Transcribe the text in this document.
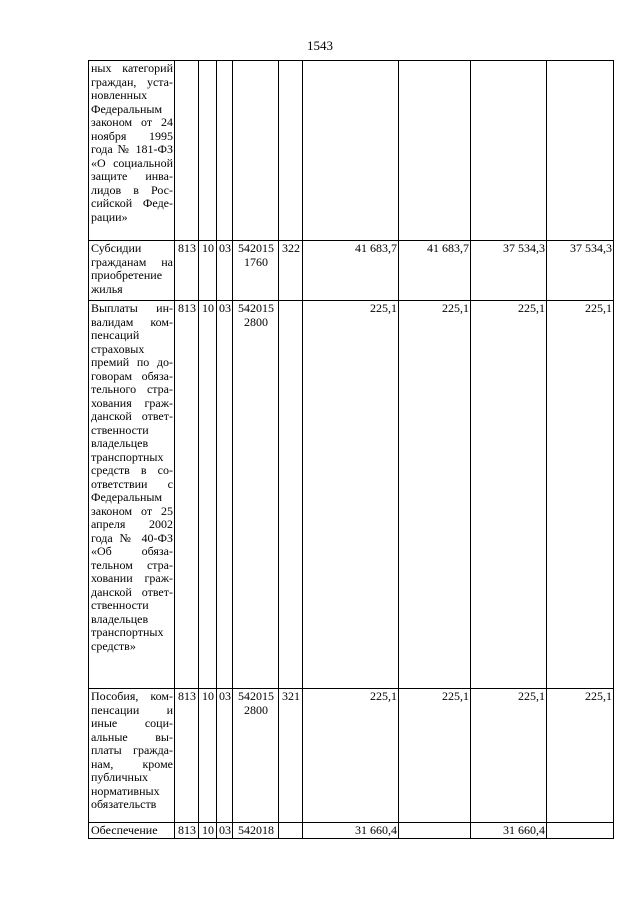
1543
ных категорий граждан, уста-новленных Федеральным законом от 24 ноября 1995 года № 181-ФЗ «О социальной защите инва-лидов в Рос-сийской Феде-рации»									
Субсидии гражданам на приобретение жилья	813	10	03	542015 1760	322	41 683,7	41 683,7	37 534,3	37 534,3
Выплаты ин-валидам ком-пенсаций страховых премий по до-говорам обяза-тельного стра-хования граж-данской ответ-ственности владельцев транспортных средств в со-ответствии с Федеральным законом от 25 апреля 2002 года № 40-ФЗ «Об обяза-тельном стра-ховании граж-данской ответ-ственности владельцев транспортных средств»	813	10	03	542015 2800		225,1	225,1	225,1	225,1
Пособия, ком-пенсации и иные соци-альные вы-платы гражда-нам, кроме публичных нормативных обязательств	813	10	03	542015 2800	321	225,1	225,1	225,1	225,1
Обеспечение	813	10	03	542018		31 660,4		31 660,4	
